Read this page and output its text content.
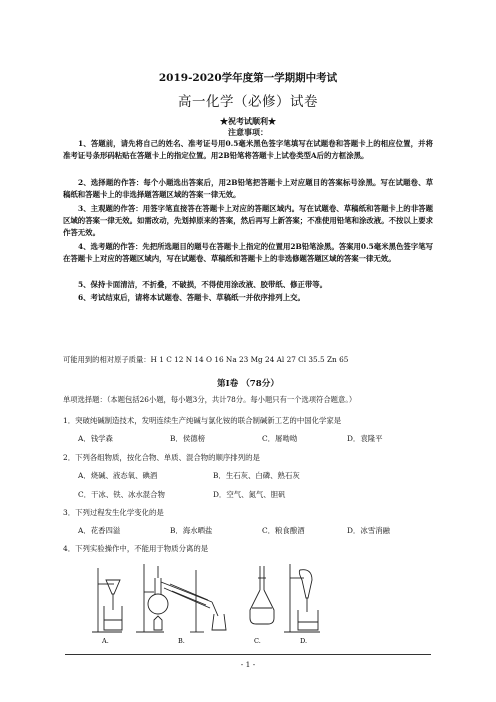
2019-2020学年度第一学期期中考试
高一化学（必修）试卷
★祝考试顺利★
注意事项：
1、答题前，请先将自己的姓名、准考证号用0.5毫米黑色签字笔填写在试题卷和答题卡上的相应位置，并将准考证号条形码粘贴在答题卡上的指定位置。用2B铅笔将答题卡上试卷类型A后的方框涂黑。
2、选择题的作答：每个小题选出答案后，用2B铅笔把答题卡上对应题目的答案标号涂黑。写在试题卷、草稿纸和答题卡上的非选择题答题区域的答案一律无效。
3、主观题的作答：用签字笔直接答在答题卡上对应的答题区域内。写在试题卷、草稿纸和答题卡上的非答题区域的答案一律无效。如需改动，先划掉原来的答案，然后再写上新答案；不准使用铅笔和涂改液。不按以上要求作答无效。
4、选考题的作答：先把所选题目的题号在答题卡上指定的位置用2B铅笔涂黑。答案用0.5毫米黑色签字笔写在答题卡上对应的答题区域内，写在试题卷、草稿纸和答题卡上的非选修题答题区域的答案一律无效。
5、保持卡面清洁，不折叠，不破损，不得使用涂改液、胶带纸、修正带等。
6、考试结束后，请将本试题卷、答题卡、草稿纸一并依序排列上交。
可能用到的相对原子质量：H 1 C 12 N 14 O 16 Na 23 Mg 24 Al 27 Cl 35.5 Zn 65
第Ⅰ卷 （78分）
单项选择题：（本题包括26小题，每小题3分，共计78分。每小题只有一个选项符合题意。）
1．突破纯碱制造技术，发明连续生产纯碱与氯化铵的联合制碱新工艺的中国化学家是
A．钱学森	B．侯德榜	C．屠呦呦	D．袁隆平
2．下列各组物质，按化合物、单质、混合物的顺序排列的是
A．烧碱、液态氧、碘酒	B．生石灰、白磷、熟石灰
C．干冰、铁、冰水混合物	D．空气、氮气、胆矾
3．下列过程发生化学变化的是
A．花香四溢	B．海水晒盐	C．粮食酿酒	D．冰雪消融
4．下列实验操作中，不能用于物质分离的是
A.	B.	C.	D.
- 1 -
